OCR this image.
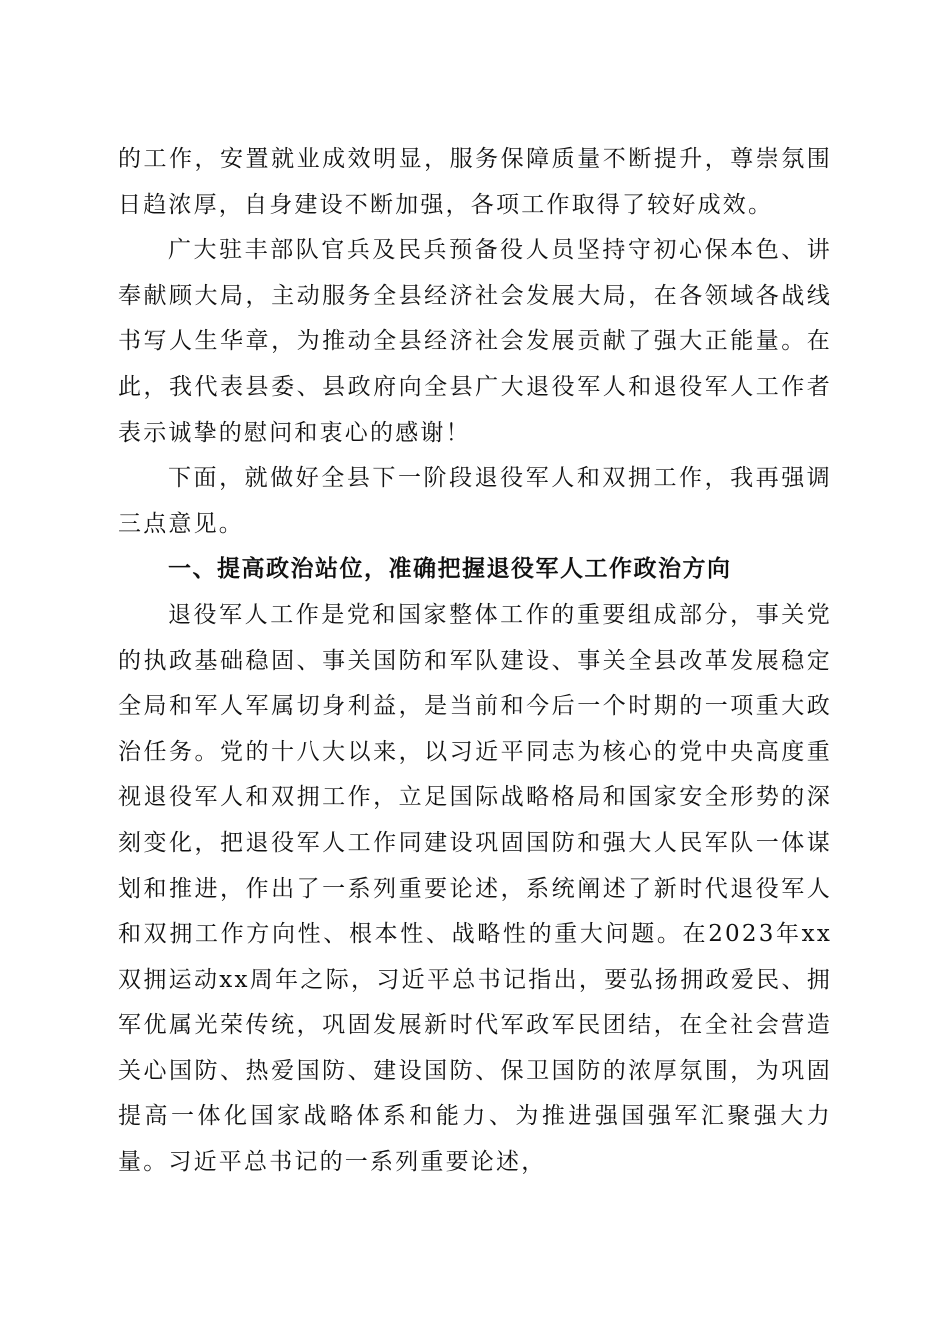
的工作，安置就业成效明显，服务保障质量不断提升，尊崇氛围日趋浓厚，自身建设不断加强，各项工作取得了较好成效。

广大驻丰部队官兵及民兵预备役人员坚持守初心保本色、讲奉献顾大局，主动服务全县经济社会发展大局，在各领域各战线书写人生华章，为推动全县经济社会发展贡献了强大正能量。在此，我代表县委、县政府向全县广大退役军人和退役军人工作者表示诚挚的慰问和衷心的感谢！

下面，就做好全县下一阶段退役军人和双拥工作，我再强调三点意见。

一、提高政治站位，准确把握退役军人工作政治方向

退役军人工作是党和国家整体工作的重要组成部分，事关党的执政基础稳固、事关国防和军队建设、事关全县改革发展稳定全局和军人军属切身利益，是当前和今后一个时期的一项重大政治任务。党的十八大以来，以习近平同志为核心的党中央高度重视退役军人和双拥工作，立足国际战略格局和国家安全形势的深刻变化，把退役军人工作同建设巩固国防和强大人民军队一体谋划和推进，作出了一系列重要论述，系统阐述了新时代退役军人和双拥工作方向性、根本性、战略性的重大问题。在2023年xx双拥运动xx周年之际，习近平总书记指出，要弘扬拥政爱民、拥军优属光荣传统，巩固发展新时代军政军民团结，在全社会营造关心国防、热爱国防、建设国防、保卫国防的浓厚氛围，为巩固提高一体化国家战略体系和能力、为推进强国强军汇聚强大力量。习近平总书记的一系列重要论述，
